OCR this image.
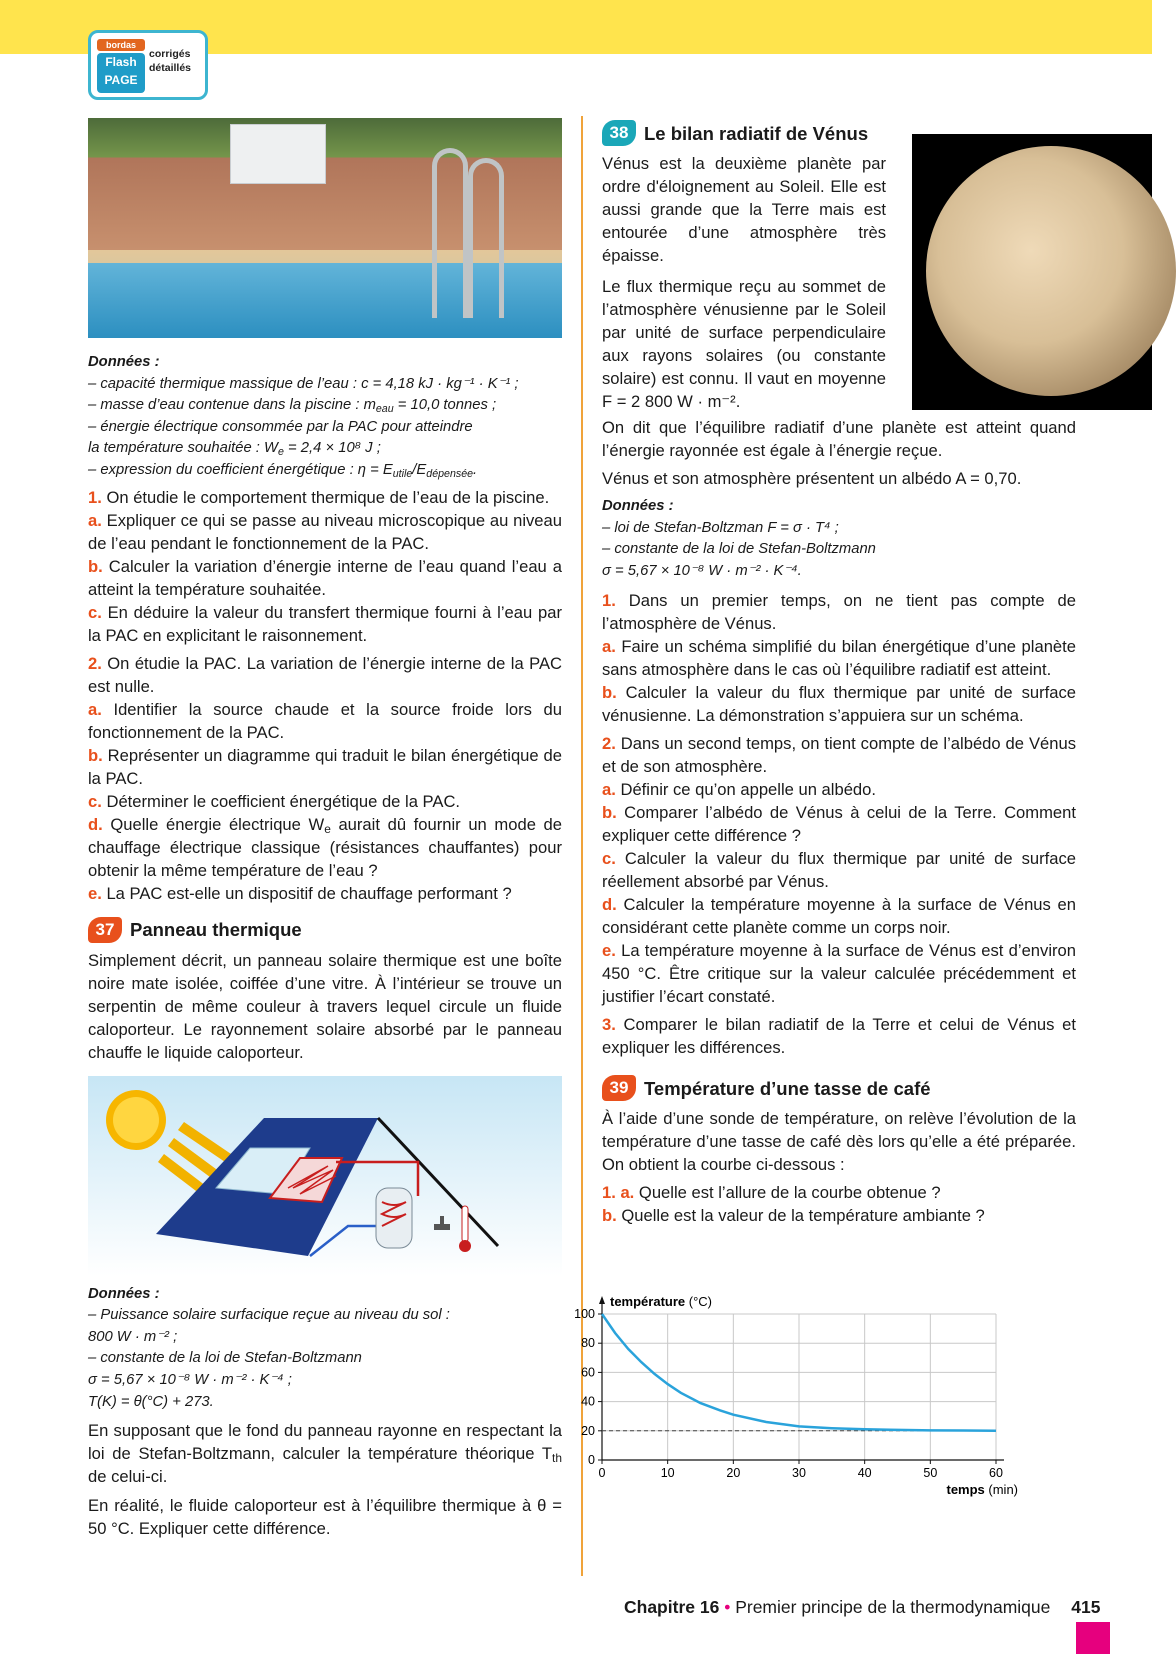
bordas
Flash
PAGE
corrigés
détaillés
Données :
– capacité thermique massique de l’eau : c = 4,18 kJ · kg⁻¹ · K⁻¹ ;
– masse d’eau contenue dans la piscine : $m_{eau} = 10,0$ tonnes ;
– énergie électrique consommée par la PAC pour atteindre
la température souhaitée : $W_e = 2,4 \times 10^8$ J ;
– expression du coefficient énergétique : $\eta = E_{utile}/E_{dépensée}$.

1. On étudie le comportement thermique de l’eau de la piscine.

a. Expliquer ce qui se passe au niveau microscopique au niveau de l’eau pendant le fonctionnement de la PAC.

b. Calculer la variation d’énergie interne de l’eau quand l’eau a atteint la température souhaitée.

c. En déduire la valeur du transfert thermique fourni à l’eau par la PAC en explicitant le raisonnement.

2. On étudie la PAC. La variation de l’énergie interne de la PAC est nulle.

a. Identifier la source chaude et la source froide lors du fonctionnement de la PAC.

b. Représenter un diagramme qui traduit le bilan énergétique de la PAC.

c. Déterminer le coefficient énergétique de la PAC.

d. Quelle énergie électrique $W_e$ aurait dû fournir un mode de chauffage électrique classique (résistances chauffantes) pour obtenir la même température de l’eau ?

e. La PAC est-elle un dispositif de chauffage performant ?

37 Panneau thermique

Simplement décrit, un panneau solaire thermique est une boîte noire mate isolée, coiffée d’une vitre. À l’intérieur se trouve un serpentin de même couleur à travers lequel circule un fluide caloporteur. Le rayonnement solaire absorbé par le panneau chauffe le liquide caloporteur.

Données :
– Puissance solaire surfacique reçue au niveau du sol :
800 W · m⁻² ;
– constante de la loi de Stefan-Boltzmann
σ = 5,67 × 10⁻⁸ W · m⁻² · K⁻⁴ ;
T(K) = θ(°C) + 273.

En supposant que le fond du panneau rayonne en respectant la loi de Stefan-Boltzmann, calculer la température théorique $T_{th}$ de celui-ci.

En réalité, le fluide caloporteur est à l’équilibre thermique à θ = 50 °C. Expliquer cette différence.

38 Le bilan radiatif de Vénus

Vénus est la deuxième planète par ordre d'éloignement au Soleil. Elle est aussi grande que la Terre mais est entourée d’une atmosphère très épaisse.

Le flux thermique reçu au sommet de l’atmosphère vénusienne par le Soleil par unité de surface perpendiculaire aux rayons solaires (ou constante solaire) est connu. Il vaut en moyenne F = 2 800 W · m⁻².

On dit que l’équilibre radiatif d’une planète est atteint quand l’énergie rayonnée est égale à l’énergie reçue.

Vénus et son atmosphère présentent un albédo A = 0,70.

Données :
– loi de Stefan-Boltzman F = σ · T⁴ ;
– constante de la loi de Stefan-Boltzmann
σ = 5,67 × 10⁻⁸ W · m⁻² · K⁻⁴.

1. Dans un premier temps, on ne tient pas compte de l’atmosphère de Vénus.

a. Faire un schéma simplifié du bilan énergétique d’une planète sans atmosphère dans le cas où l’équilibre radiatif est atteint.

b. Calculer la valeur du flux thermique par unité de surface vénusienne. La démonstration s’appuiera sur un schéma.

2. Dans un second temps, on tient compte de l’albédo de Vénus et de son atmosphère.

a. Définir ce qu’on appelle un albédo.

b. Comparer l’albédo de Vénus à celui de la Terre. Comment expliquer cette différence ?

c. Calculer la valeur du flux thermique par unité de surface réellement absorbé par Vénus.

d. Calculer la température moyenne à la surface de Vénus en considérant cette planète comme un corps noir.

e. La température moyenne à la surface de Vénus est d’environ 450 °C. Être critique sur la valeur calculée précédemment et justifier l’écart constaté.

3. Comparer le bilan radiatif de la Terre et celui de Vénus et expliquer les différences.

39 Température d’une tasse de café

À l’aide d’une sonde de température, on relève l’évolution de la température d’une tasse de café dès lors qu’elle a été préparée. On obtient la courbe ci-dessous :

1. a. Quelle est l’allure de la courbe obtenue ?

b. Quelle est la valeur de la température ambiante ?

0	10	20	30	40	50	60
0
20
40
60
80
100
température (°C)
temps (min)
Chapitre 16 • Premier principe de la thermodynamique 415
